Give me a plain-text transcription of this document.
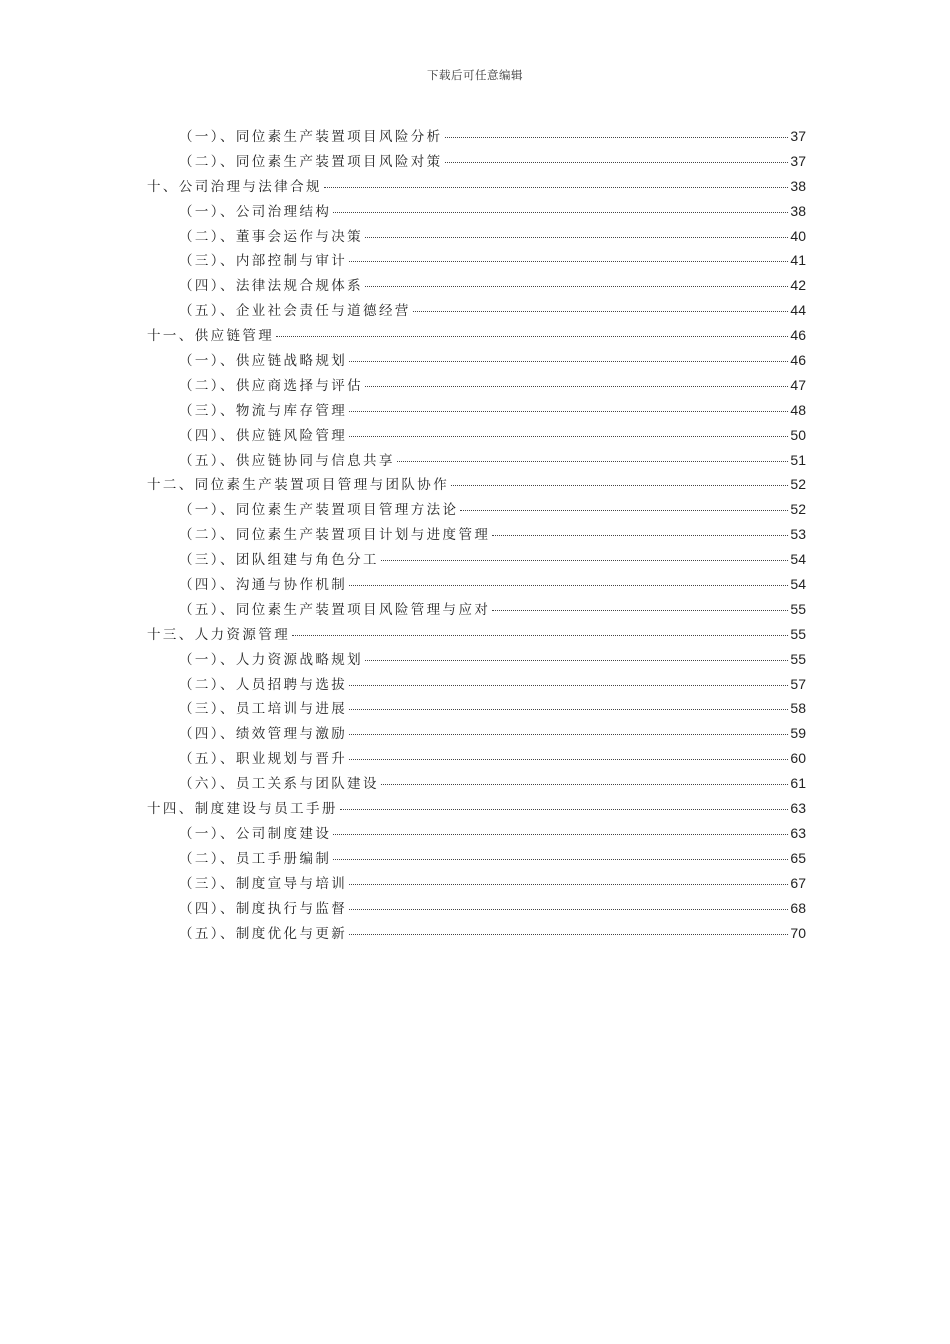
下载后可任意编辑
（一）、同位素生产装置项目风险分析	37
（二）、同位素生产装置项目风险对策	37
十、公司治理与法律合规	38
（一）、公司治理结构	38
（二）、董事会运作与决策	40
（三）、内部控制与审计	41
（四）、法律法规合规体系	42
（五）、企业社会责任与道德经营	44
十一、供应链管理	46
（一）、供应链战略规划	46
（二）、供应商选择与评估	47
（三）、物流与库存管理	48
（四）、供应链风险管理	50
（五）、供应链协同与信息共享	51
十二、同位素生产装置项目管理与团队协作	52
（一）、同位素生产装置项目管理方法论	52
（二）、同位素生产装置项目计划与进度管理	53
（三）、团队组建与角色分工	54
（四）、沟通与协作机制	54
（五）、同位素生产装置项目风险管理与应对	55
十三、人力资源管理	55
（一）、人力资源战略规划	55
（二）、人员招聘与选拔	57
（三）、员工培训与进展	58
（四）、绩效管理与激励	59
（五）、职业规划与晋升	60
（六）、员工关系与团队建设	61
十四、制度建设与员工手册	63
（一）、公司制度建设	63
（二）、员工手册编制	65
（三）、制度宣导与培训	67
（四）、制度执行与监督	68
（五）、制度优化与更新	70
